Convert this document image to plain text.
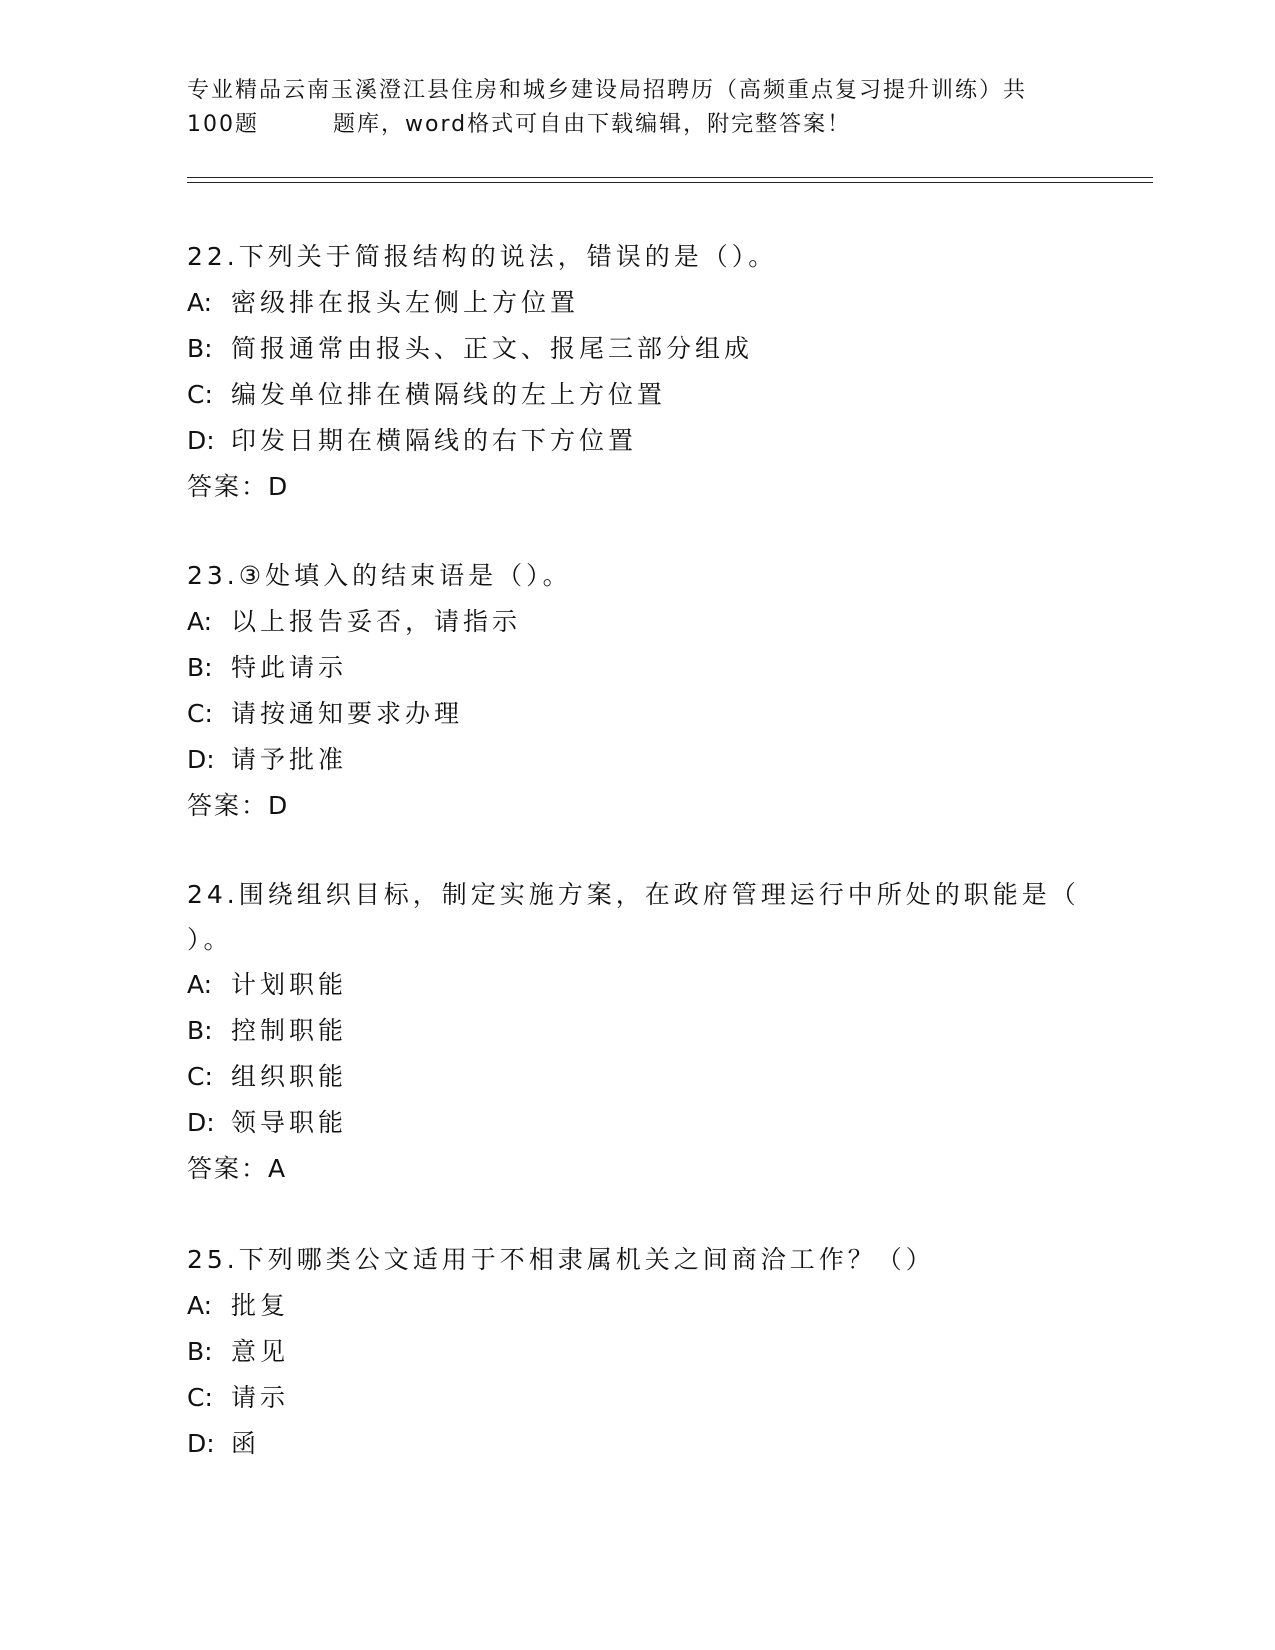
专业精品云南玉溪澄江县住房和城乡建设局招聘历（高频重点复习提升训练）共
100题	题库，word格式可自由下载编辑，附完整答案！
22.下列关于简报结构的说法，错误的是（）。
A: 密级排在报头左侧上方位置
B: 简报通常由报头、正文、报尾三部分组成
C: 编发单位排在横隔线的左上方位置
D: 印发日期在横隔线的右下方位置
答案：D
23.③处填入的结束语是（）。
A: 以上报告妥否，请指示
B: 特此请示
C: 请按通知要求办理
D: 请予批准
答案：D
24.围绕组织目标，制定实施方案，在政府管理运行中所处的职能是（
）。
A: 计划职能
B: 控制职能
C: 组织职能
D: 领导职能
答案：A
25.下列哪类公文适用于不相隶属机关之间商洽工作？（）
A: 批复
B: 意见
C: 请示
D: 函
